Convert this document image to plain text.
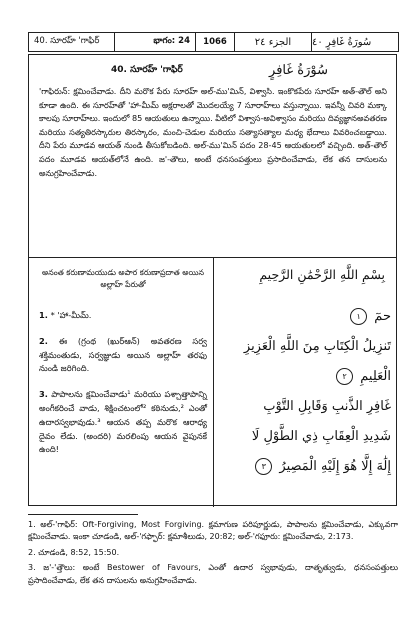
40. సూరహ్ 'గాఫిర్	భాగం: 24	1066	الجزء ٢٤	سُورَةُ غَافِرٍ ٤٠
40. సూరహ్ 'గాఫిర్	سُوْرَةُ غَافِرٍ

'గాఫిరున్: క్షమించేవాడు. దీని మరొక పేరు సూరహ్ అల్-ము'మిన్, విశ్వాసి. ఇంకొకపేరు సూరహ్ అత్-తౌల్ అని కూడా ఉంది. ఈ సూరహ్‌తో 'హా-మీమ్ అక్షరాలతో మొదలయ్యే 7 సూరాహ్‌లు వస్తున్నాయి. ఇవన్నీ చివరి మక్కా కాలపు సూరాహ్‌లు. ఇందులో 85 ఆయతులు ఉన్నాయి. వీటిలో విశ్వాస-అవిశ్వాసం మరియు దివ్యజ్ఞానఅవతరణ మరియు సత్యతిరస్కారుల తిరస్కారం, మంచి-చెడుల మరియు సత్యాసత్యాల మధ్య భేదాలు వివరించబడ్డాయి. దీని పేరు మూడవ ఆయత్ నుండి తీసుకోబడింది. అల్-ము'మిన్ పదం 28-45 ఆయతులలో వచ్చింది. అత్-తౌల్ పదం మూడవ ఆయత్‌లోనే ఉంది. జ'-తౌలు, అంటే ధనసంపత్తులు ప్రసాదించేవాడు, లేక తన దాసులను అనుగ్రహించేవాడు.

అనంత కరుణామయుడు అపార కరుణాప్రదాత అయిన అల్లాహ్ పేరుతో

1. * 'హా-మీమ్.

2. ఈ (గ్రంథ (ఖుర్ఆన్) అవతరణ సర్వ శక్తిమంతుడు, సర్వజ్ఞుడు అయిన అల్లాహ్ తరఫు నుండి జరిగింది.

3. పాపాలను క్షమించేవాడు¹ మరియు పశ్చాత్తాపాన్ని అంగీకరించే వాడు, శిక్షించటంలో² కఠినుడు,² ఎంతో ఉదారస్వభావుడు.³ ఆయన తప్ప మరొక ఆరాధ్య దైవం లేడు. (అందరి) మరలింపు ఆయన వైపునకే ఉంది!

بِسْمِ اللَّهِ الرَّحْمَٰنِ الرَّحِيمِ
حمٓ ١
تَنزِيلُ الْكِتَابِ مِنَ اللَّهِ الْعَزِيزِ
الْعَلِيمِ ٢
غَافِرِ الذَّنبِ وَقَابِلِ التَّوْبِ
شَدِيدِ الْعِقَابِ ذِي الطَّوْلِ لَا
إِلَٰهَ إِلَّا هُوَ إِلَيْهِ الْمَصِيرُ ٣

1. అల్-'గాఫిర్: Oft-Forgiving, Most Forgiving. క్షమాగుణ పరిపూర్ణుడు, పాపాలను క్షమించేవాడు, ఎక్కువగా క్షమించేవాడు. ఇంకా చూడండి, అల్-'గఫ్ఫార్: క్షమాశీలుడు, 20:82; అల్-'గఫూరు: క్షమించేవాడు, 2:173.

2. చూడండి, 8:52, 15:50.

3. జ'-'త్తౌలు: అంటే Bestower of Favours, ఎంతో ఉదార స్వభావుడు, దాతృత్వుడు, ధనసంపత్తులు ప్రసాదించేవాడు, లేక తన దాసులను అనుగ్రహించేవాడు.
